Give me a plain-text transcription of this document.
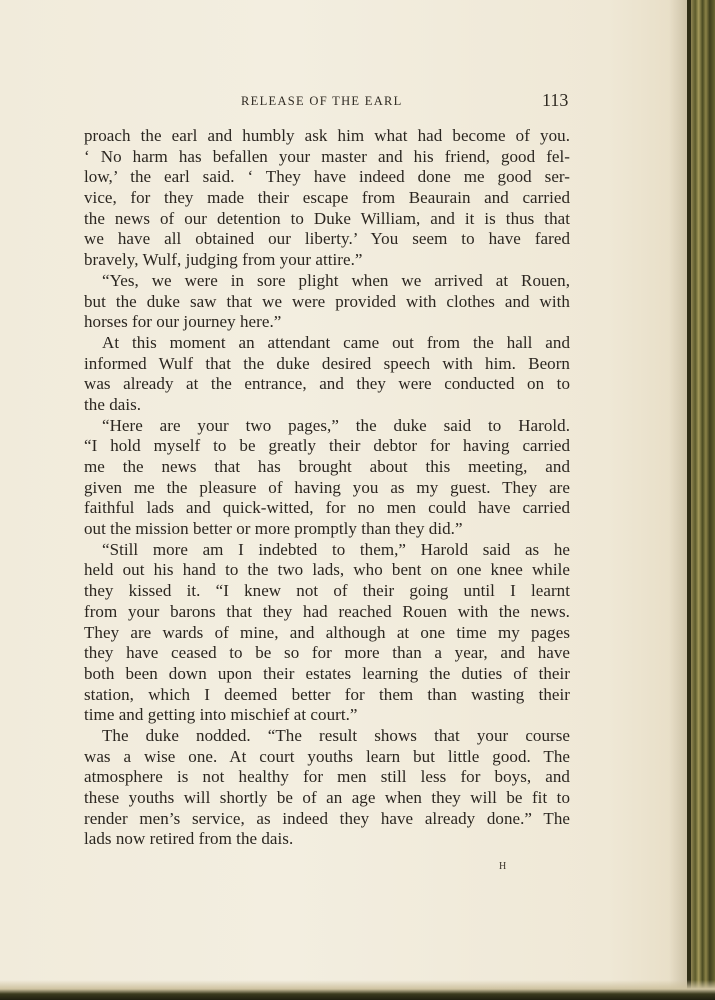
RELEASE OF THE EARL	113
proach the earl and humbly ask him what had become of you.
‘ No harm has befallen your master and his friend, good fel-
low,’ the earl said. ‘ They have indeed done me good ser-
vice, for they made their escape from Beaurain and carried
the news of our detention to Duke William, and it is thus that
we have all obtained our liberty.’ You seem to have fared
bravely, Wulf, judging from your attire.”
“Yes, we were in sore plight when we arrived at Rouen,
but the duke saw that we were provided with clothes and with
horses for our journey here.”
At this moment an attendant came out from the hall and
informed Wulf that the duke desired speech with him. Beorn
was already at the entrance, and they were conducted on to
the dais.
“Here are your two pages,” the duke said to Harold.
“I hold myself to be greatly their debtor for having carried
me the news that has brought about this meeting, and
given me the pleasure of having you as my guest. They are
faithful lads and quick-witted, for no men could have carried
out the mission better or more promptly than they did.”
“Still more am I indebted to them,” Harold said as he
held out his hand to the two lads, who bent on one knee while
they kissed it. “I knew not of their going until I learnt
from your barons that they had reached Rouen with the news.
They are wards of mine, and although at one time my pages
they have ceased to be so for more than a year, and have
both been down upon their estates learning the duties of their
station, which I deemed better for them than wasting their
time and getting into mischief at court.”
The duke nodded. “The result shows that your course
was a wise one. At court youths learn but little good. The
atmosphere is not healthy for men still less for boys, and
these youths will shortly be of an age when they will be fit to
render men’s service, as indeed they have already done.” The
lads now retired from the dais.
H
